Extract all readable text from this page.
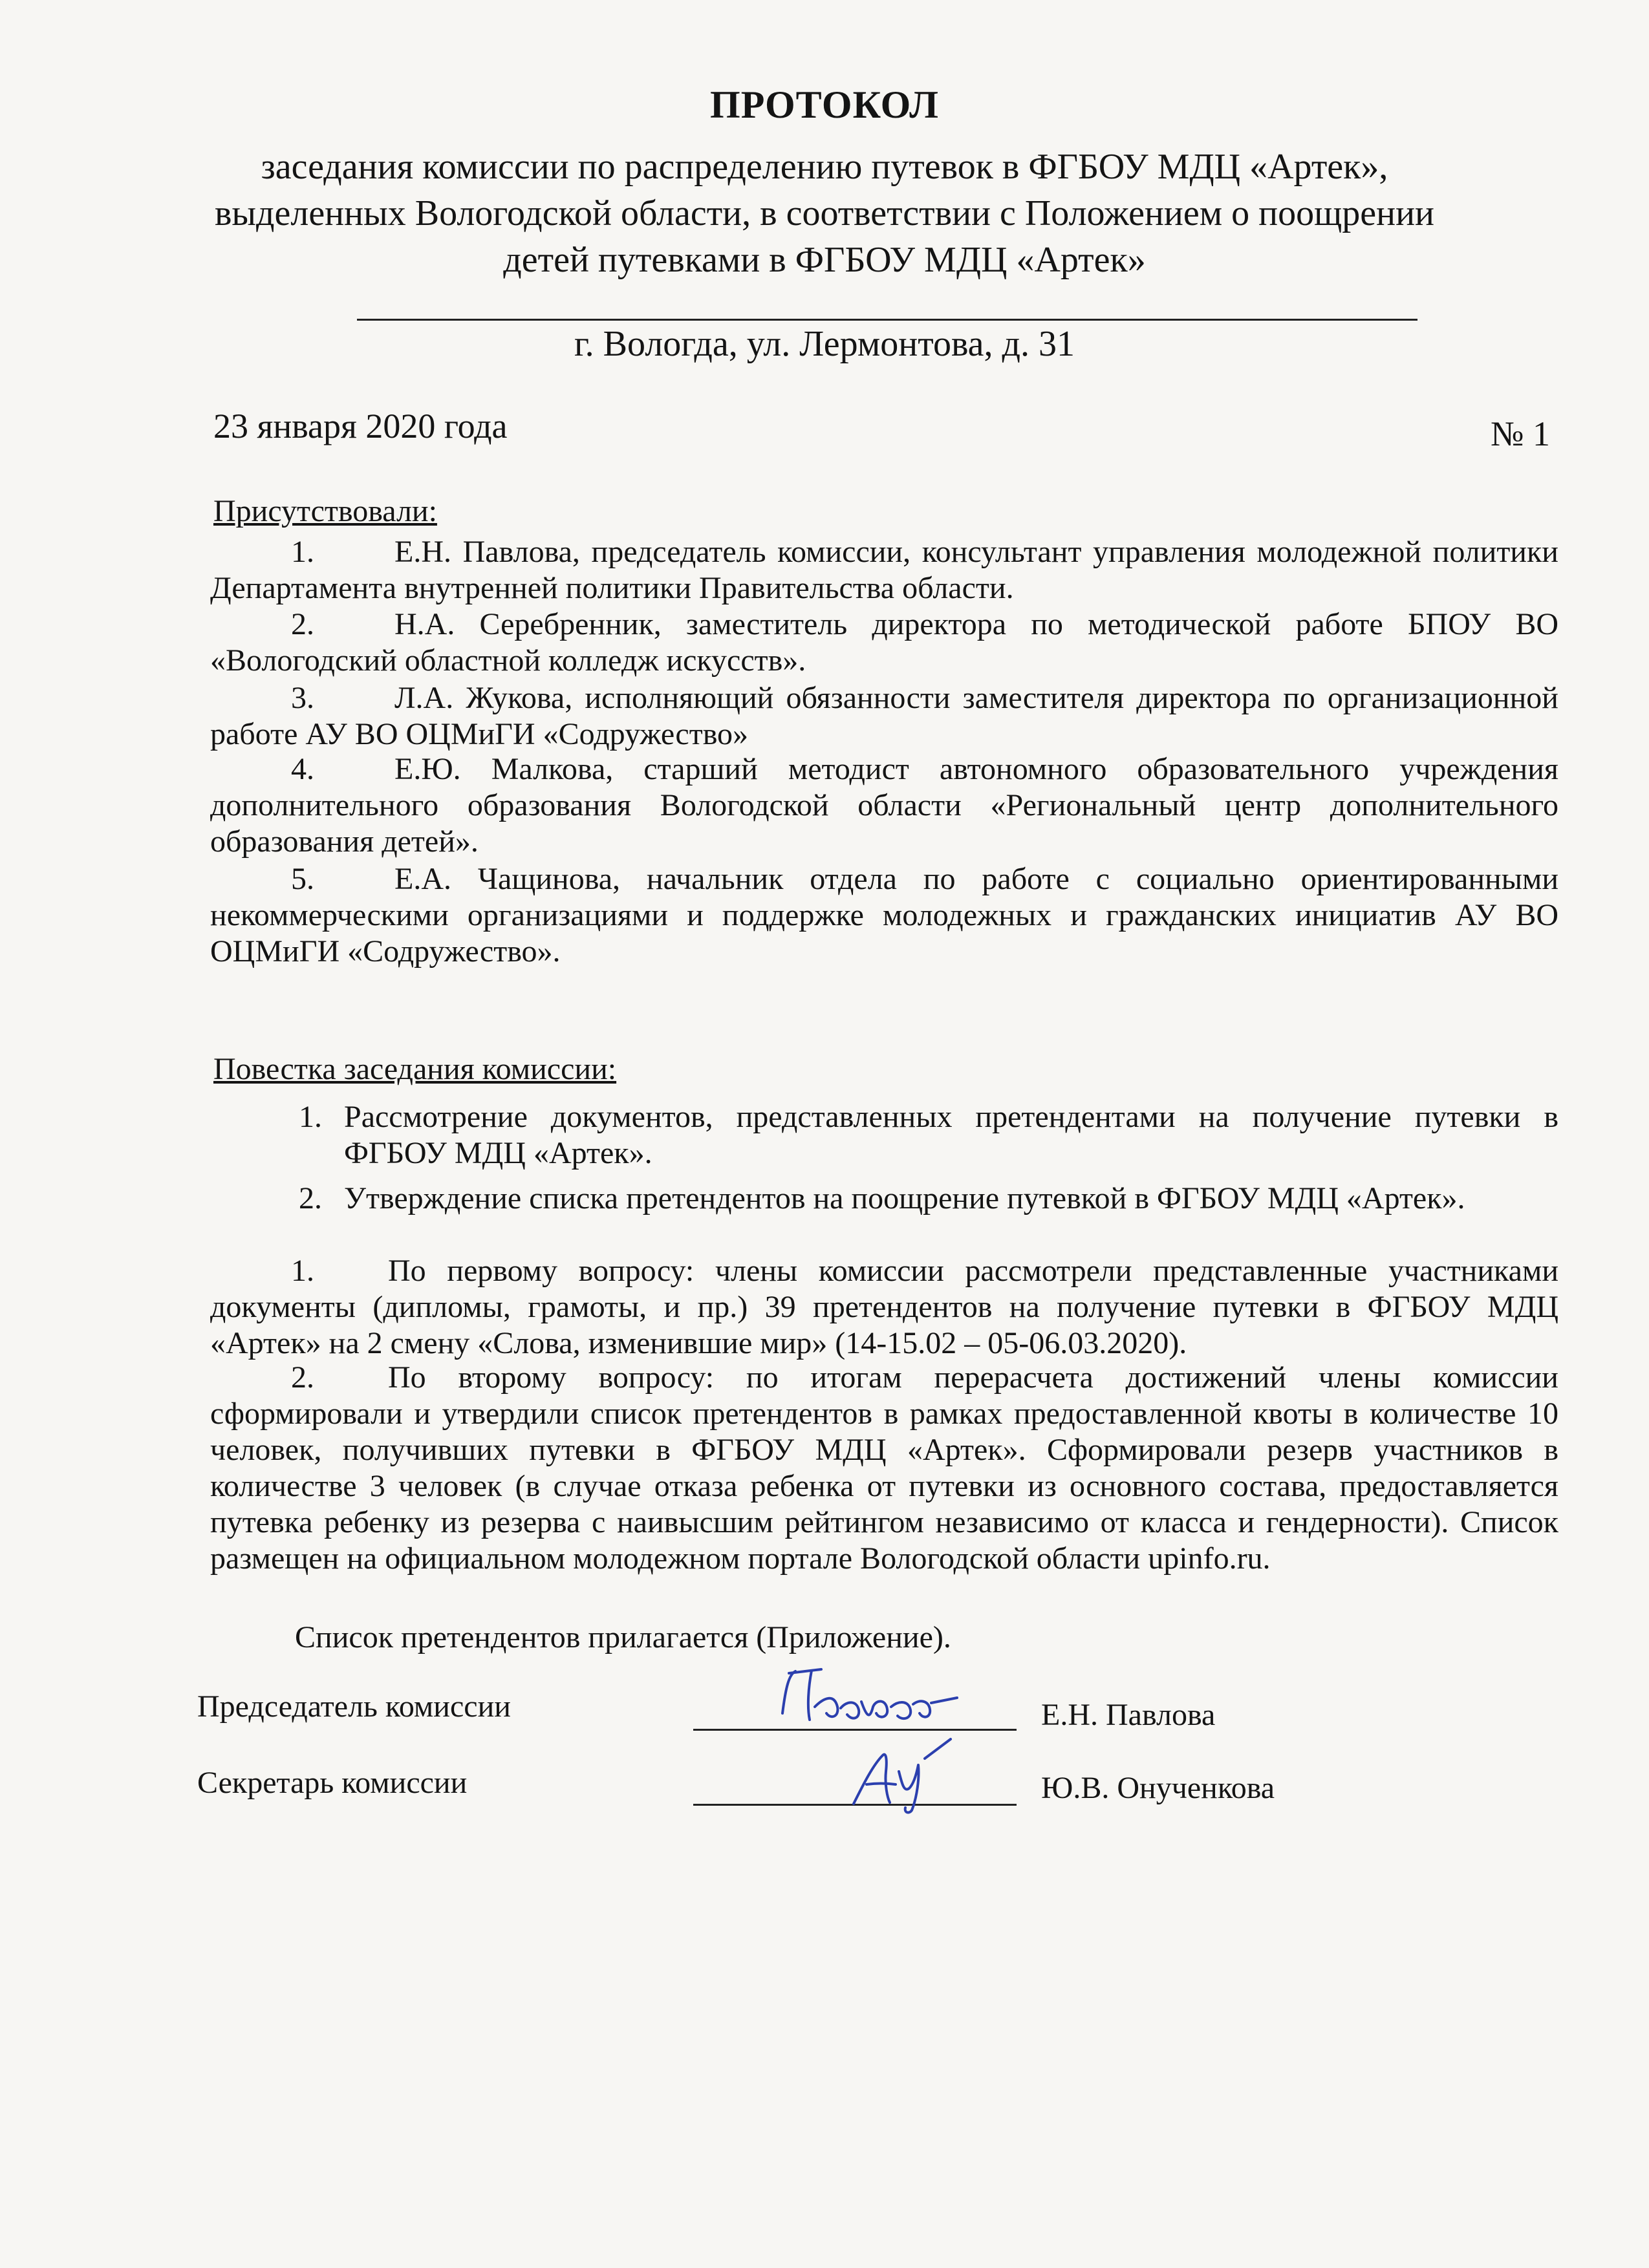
ПРОТОКОЛ
заседания комиссии по распределению путевок в ФГБОУ МДЦ «Артек»,
выделенных Вологодской области, в соответствии с Положением о поощрении
детей путевками в ФГБОУ МДЦ «Артек»
г. Вологда, ул. Лермонтова, д. 31
23 января 2020 года	№ 1
Присутствовали:
1.	Е.Н. Павлова, председатель комиссии, консультант управления молодежной политики Департамента внутренней политики Правительства области.
2.	Н.А. Серебренник, заместитель директора по методической работе БПОУ ВО «Вологодский областной колледж искусств».
3.	Л.А. Жукова, исполняющий обязанности заместителя директора по организационной работе АУ ВО ОЦМиГИ «Содружество»
4.	Е.Ю. Малкова, старший методист автономного образовательного учреждения дополнительного образования Вологодской области «Региональный центр дополнительного образования детей».
5.	Е.А. Чащинова, начальник отдела по работе с социально ориентированными некоммерческими организациями и поддержке молодежных и гражданских инициатив АУ ВО ОЦМиГИ «Содружество».
Повестка заседания комиссии:
1. Рассмотрение документов, представленных претендентами на получение путевки в ФГБОУ МДЦ «Артек».
2. Утверждение списка претендентов на поощрение путевкой в ФГБОУ МДЦ «Артек».
1. По первому вопросу: члены комиссии рассмотрели представленные участниками документы (дипломы, грамоты, и пр.) 39 претендентов на получение путевки в ФГБОУ МДЦ «Артек» на 2 смену «Слова, изменившие мир» (14-15.02 – 05-06.03.2020).
2. По второму вопросу: по итогам перерасчета достижений члены комиссии сформировали и утвердили список претендентов в рамках предоставленной квоты в количестве 10 человек, получивших путевки в ФГБОУ МДЦ «Артек». Сформировали резерв участников в количестве 3 человек (в случае отказа ребенка от путевки из основного состава, предоставляется путевка ребенку из резерва с наивысшим рейтингом независимо от класса и гендерности). Список размещен на официальном молодежном портале Вологодской области upinfo.ru.
Список претендентов прилагается (Приложение).
Председатель комиссии	Е.Н. Павлова
Секретарь комиссии	Ю.В. Онученкова
